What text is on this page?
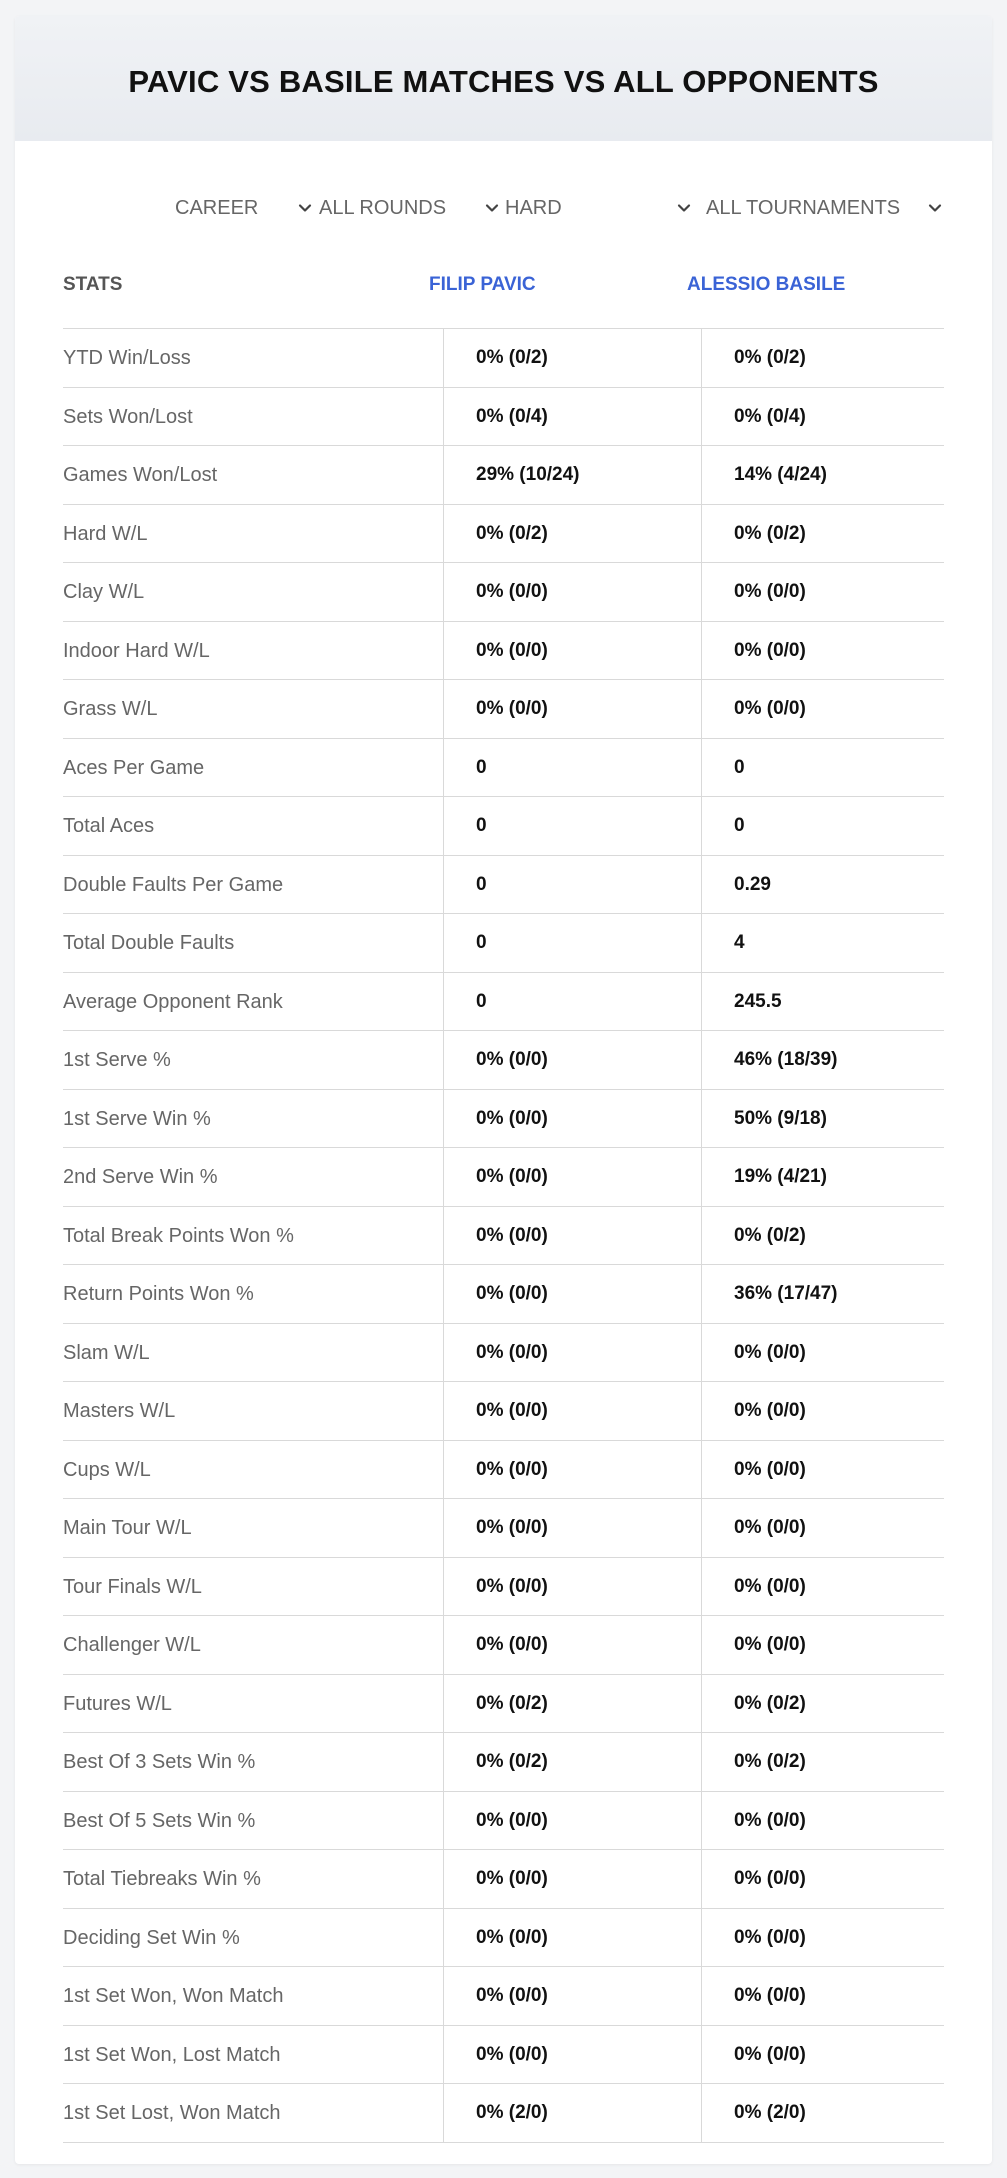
PAVIC VS BASILE MATCHES VS ALL OPPONENTS
CAREER	ALL ROUNDS	HARD	ALL TOURNAMENTS
STATS	FILIP PAVIC	ALESSIO BASILE
YTD Win/Loss	0% (0/2)	0% (0/2)
Sets Won/Lost	0% (0/4)	0% (0/4)
Games Won/Lost	29% (10/24)	14% (4/24)
Hard W/L	0% (0/2)	0% (0/2)
Clay W/L	0% (0/0)	0% (0/0)
Indoor Hard W/L	0% (0/0)	0% (0/0)
Grass W/L	0% (0/0)	0% (0/0)
Aces Per Game	0	0
Total Aces	0	0
Double Faults Per Game	0	0.29
Total Double Faults	0	4
Average Opponent Rank	0	245.5
1st Serve %	0% (0/0)	46% (18/39)
1st Serve Win %	0% (0/0)	50% (9/18)
2nd Serve Win %	0% (0/0)	19% (4/21)
Total Break Points Won %	0% (0/0)	0% (0/2)
Return Points Won %	0% (0/0)	36% (17/47)
Slam W/L	0% (0/0)	0% (0/0)
Masters W/L	0% (0/0)	0% (0/0)
Cups W/L	0% (0/0)	0% (0/0)
Main Tour W/L	0% (0/0)	0% (0/0)
Tour Finals W/L	0% (0/0)	0% (0/0)
Challenger W/L	0% (0/0)	0% (0/0)
Futures W/L	0% (0/2)	0% (0/2)
Best Of 3 Sets Win %	0% (0/2)	0% (0/2)
Best Of 5 Sets Win %	0% (0/0)	0% (0/0)
Total Tiebreaks Win %	0% (0/0)	0% (0/0)
Deciding Set Win %	0% (0/0)	0% (0/0)
1st Set Won, Won Match	0% (0/0)	0% (0/0)
1st Set Won, Lost Match	0% (0/0)	0% (0/0)
1st Set Lost, Won Match	0% (2/0)	0% (2/0)
